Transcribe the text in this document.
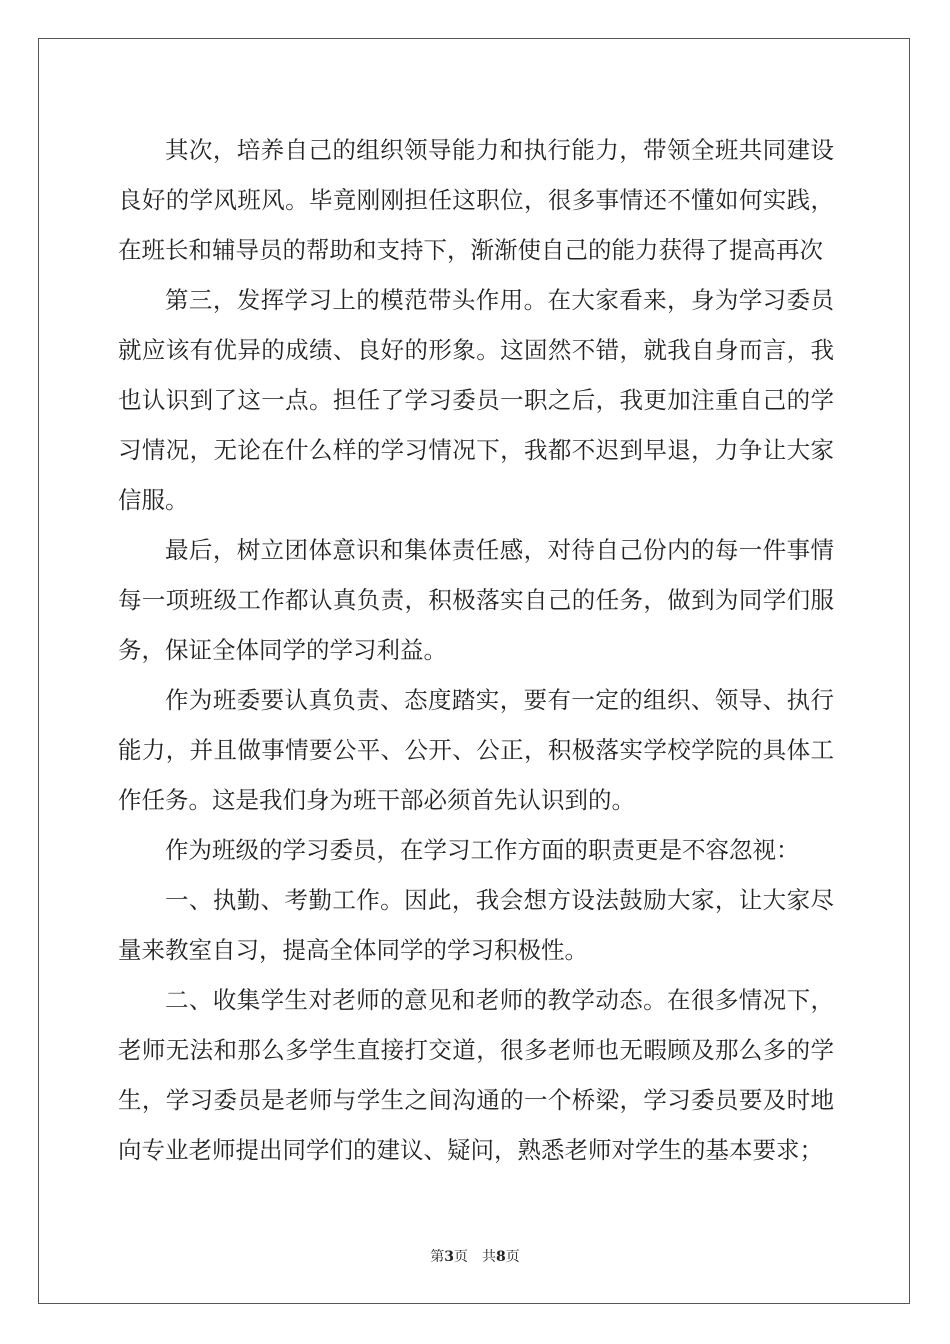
其次，培养自己的组织领导能力和执行能力，带领全班共同建设良好的学风班风。毕竟刚刚担任这职位，很多事情还不懂如何实践，在班长和辅导员的帮助和支持下，渐渐使自己的能力获得了提高再次

第三，发挥学习上的模范带头作用。在大家看来，身为学习委员就应该有优异的成绩、良好的形象。这固然不错，就我自身而言，我也认识到了这一点。担任了学习委员一职之后，我更加注重自己的学习情况，无论在什么样的学习情况下，我都不迟到早退，力争让大家信服。

最后，树立团体意识和集体责任感，对待自己份内的每一件事情每一项班级工作都认真负责，积极落实自己的任务，做到为同学们服务，保证全体同学的学习利益。

作为班委要认真负责、态度踏实，要有一定的组织、领导、执行能力，并且做事情要公平、公开、公正，积极落实学校学院的具体工作任务。这是我们身为班干部必须首先认识到的。

作为班级的学习委员，在学习工作方面的职责更是不容忽视：

一、执勤、考勤工作。因此，我会想方设法鼓励大家，让大家尽量来教室自习，提高全体同学的学习积极性。

二、收集学生对老师的意见和老师的教学动态。在很多情况下，老师无法和那么多学生直接打交道，很多老师也无暇顾及那么多的学生，学习委员是老师与学生之间沟通的一个桥梁，学习委员要及时地向专业老师提出同学们的建议、疑问，熟悉老师对学生的基本要求；

第3页 共8页
